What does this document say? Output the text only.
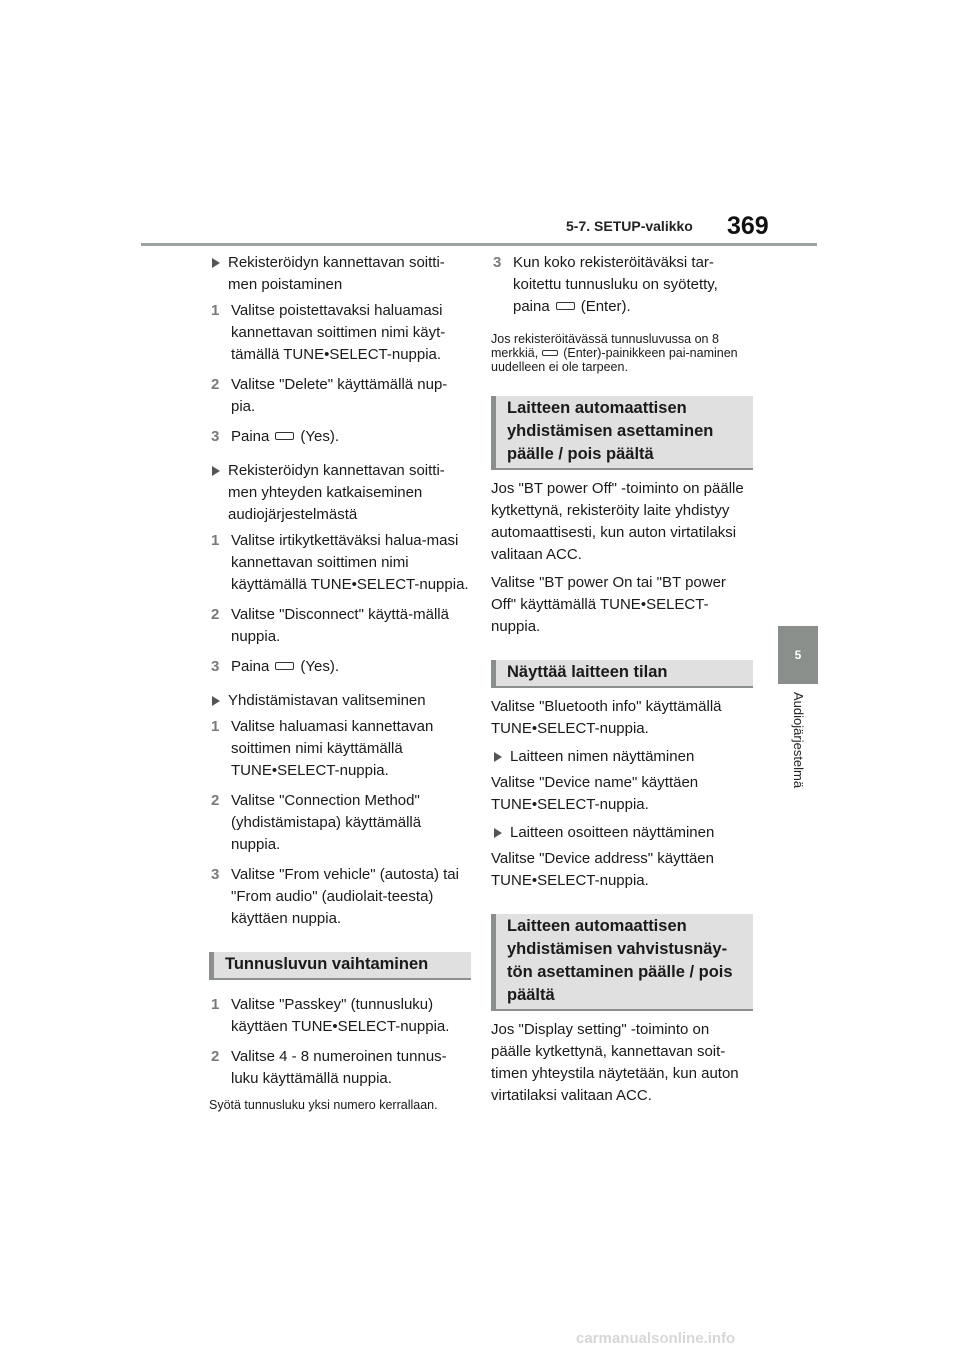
5-7. SETUP-valikko 369
5
Audiojärjestelmä
Rekisteröidyn kannettavan soitti-men poistaminen
1 Valitse poistettavaksi haluamasi kannettavan soittimen nimi käyt-tämällä TUNE•SELECT-nuppia.
2 Valitse "Delete" käyttämällä nup-pia.
3 Paina (Yes).
Rekisteröidyn kannettavan soitti-men yhteyden katkaiseminen audiojärjestelmästä
1 Valitse irtikytkettäväksi halua-masi kannettavan soittimen nimi käyttämällä TUNE•SELECT-nuppia.
2 Valitse "Disconnect" käyttä-mällä nuppia.
3 Paina (Yes).
Yhdistämistavan valitseminen
1 Valitse haluamasi kannettavan soittimen nimi käyttämällä TUNE•SELECT-nuppia.
2 Valitse "Connection Method" (yhdistämistapa) käyttämällä nuppia.
3 Valitse "From vehicle" (autosta) tai "From audio" (audiolait-teesta) käyttäen nuppia.
Tunnusluvun vaihtaminen
1 Valitse "Passkey" (tunnusluku) käyttäen TUNE•SELECT-nuppia.
2 Valitse 4 - 8 numeroinen tunnus-luku käyttämällä nuppia.
Syötä tunnusluku yksi numero kerrallaan.
3 Kun koko rekisteröitäväksi tar-koitettu tunnusluku on syötetty, paina (Enter).
Jos rekisteröitävässä tunnusluvussa on 8 merkkiä, (Enter)-painikkeen pai-naminen uudelleen ei ole tarpeen.
Laitteen automaattisen yhdistämisen asettaminen päälle / pois päältä
Jos "BT power Off" -toiminto on päälle kytkettynä, rekisteröity laite yhdistyy automaattisesti, kun auton virtatilaksi valitaan ACC.
Valitse "BT power On tai "BT power Off" käyttämällä TUNE•SELECT-nuppia.
Näyttää laitteen tilan
Valitse "Bluetooth info" käyttämällä TUNE•SELECT-nuppia.
Laitteen nimen näyttäminen
Valitse "Device name" käyttäen TUNE•SELECT-nuppia.
Laitteen osoitteen näyttäminen
Valitse "Device address" käyttäen TUNE•SELECT-nuppia.
Laitteen automaattisen yhdistämisen vahvistusnäy-tön asettaminen päälle / pois päältä
Jos "Display setting" -toiminto on päälle kytkettynä, kannettavan soit-timen yhteystila näytetään, kun auton virtatilaksi valitaan ACC.
carmanualsonline.info
